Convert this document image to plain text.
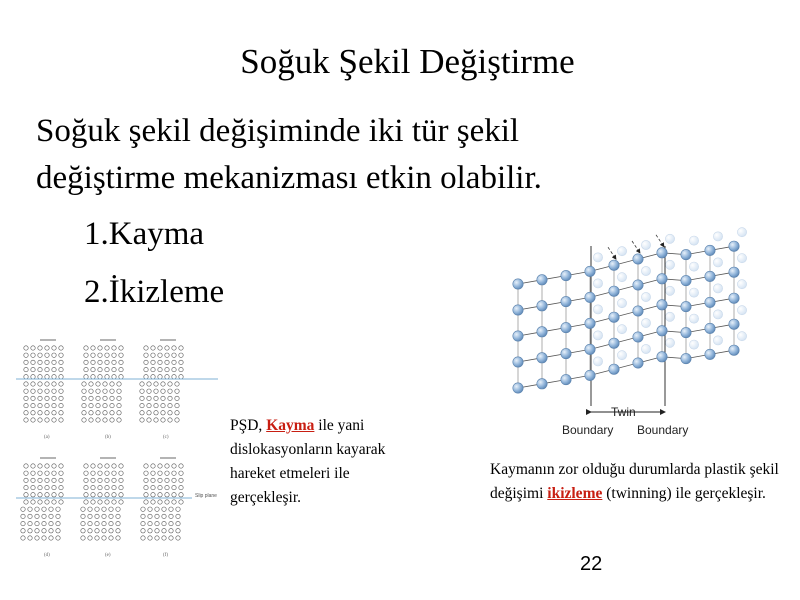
Soğuk Şekil Değiştirme
Soğuk şekil değişiminde iki tür şekil
değiştirme mekanizması etkin olabilir.
1.Kayma
2.İkizleme
Slip plane
(a)	(b)	(c)
(d)	(e)	(f)
Twin
Boundary Boundary
PŞD, Kayma ile yani dislokasyonların kayarak hareket etmeleri ile gerçekleşir.
Kaymanın zor olduğu durumlarda plastik şekil değişimi ikizleme (twinning) ile gerçekleşir.
22
